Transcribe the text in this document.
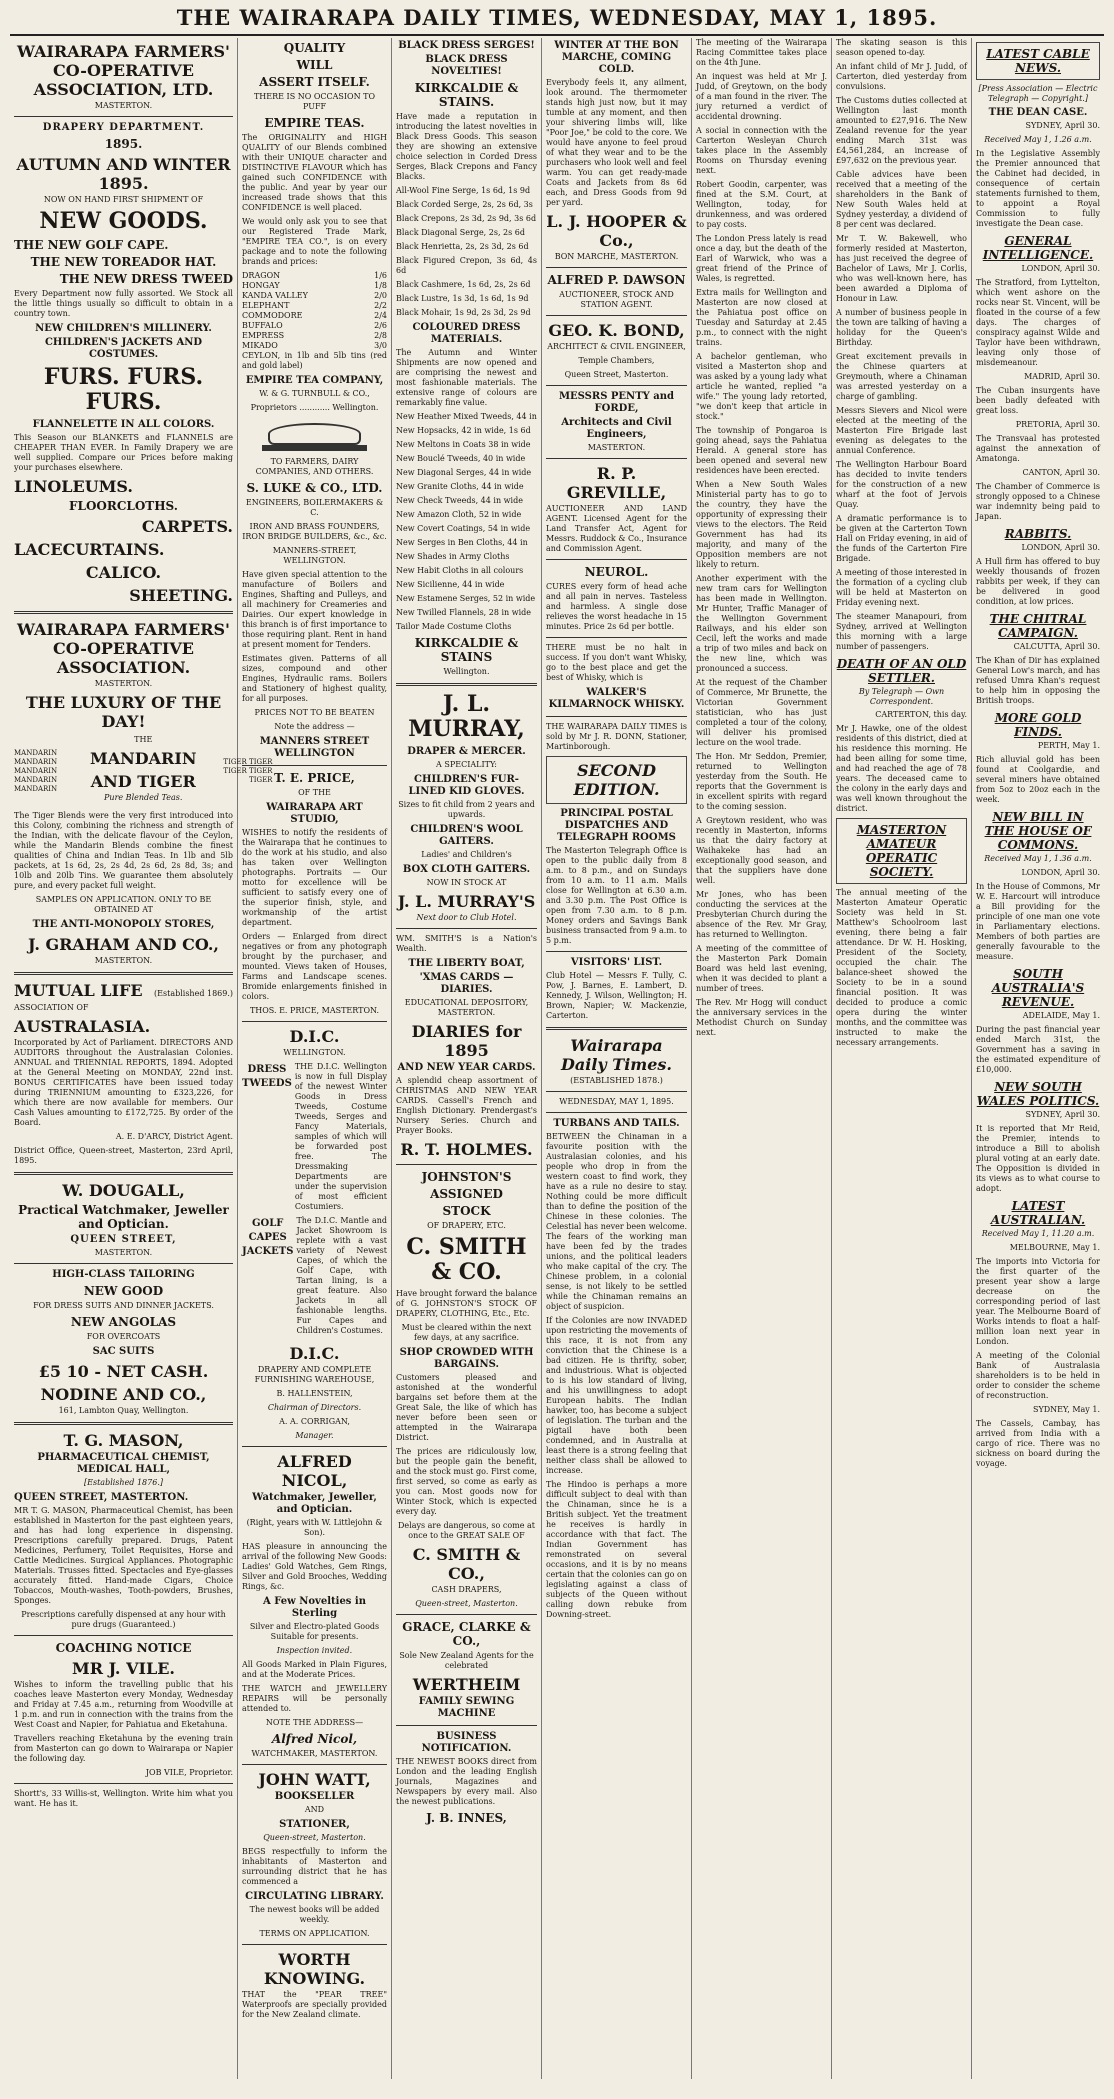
THE WAIRARAPA DAILY TIMES, WEDNESDAY, MAY 1, 1895.
WAIRARAPA FARMERS' CO-OPERATIVE ASSOCIATION, LTD.
MASTERTON.
DRAPERY DEPARTMENT.
1895.
AUTUMN AND WINTER 1895.
NOW ON HAND FIRST SHIPMENT OF
NEW GOODS.
THE NEW GOLF CAPE.
THE NEW TOREADOR HAT.
THE NEW DRESS TWEED
Every Department now fully assorted. We Stock all the little things usually so difficult to obtain in a country town.
NEW CHILDREN'S MILLINERY.
CHILDREN'S JACKETS AND COSTUMES.
FURS. FURS. FURS.
FLANNELETTE IN ALL COLORS.
This Season our BLANKETS and FLANNELS are CHEAPER THAN EVER. In Family Drapery we are well supplied. Compare our Prices before making your purchases elsewhere.
LINOLEUMS.
FLOORCLOTHS.
CARPETS.
LACECURTAINS.
CALICO.
SHEETING.
WAIRARAPA FARMERS' CO-OPERATIVE ASSOCIATION.
MASTERTON.
THE LUXURY OF THE DAY!
MANDARIN MANDARIN MANDARIN MANDARIN MANDARIN
THE
MANDARIN
AND TIGER
Pure Blended Teas.
TIGER TIGER TIGER TIGER TIGER
The Tiger Blends were the very first introduced into this Colony, combining the richness and strength of the Indian, with the delicate flavour of the Ceylon, while the Mandarin Blends combine the finest qualities of China and Indian Teas. In 1lb and 5lb packets, at 1s 6d, 2s, 2s 4d, 2s 6d, 2s 8d, 3s; and 10lb and 20lb Tins. We guarantee them absolutely pure, and every packet full weight.
SAMPLES ON APPLICATION. ONLY TO BE OBTAINED AT
THE ANTI-MONOPOLY STORES,
J. GRAHAM AND CO.,
MASTERTON.
MUTUAL LIFE (Established 1869.)
ASSOCIATION OF
AUSTRALASIA.
Incorporated by Act of Parliament. DIRECTORS AND AUDITORS throughout the Australasian Colonies. ANNUAL and TRIENNIAL REPORTS, 1894. Adopted at the General Meeting on MONDAY, 22nd inst. BONUS CERTIFICATES have been issued today during TRIENNIUM amounting to £323,226, for which there are now available for members. Our Cash Values amounting to £172,725. By order of the Board.
A. E. D'ARCY, District Agent.
District Office, Queen-street, Masterton, 23rd April, 1895.
W. DOUGALL,
Practical Watchmaker, Jeweller and Optician.
QUEEN STREET,
MASTERTON.
HIGH-CLASS TAILORING
NEW GOOD
FOR DRESS SUITS AND DINNER JACKETS.
NEW ANGOLAS
FOR OVERCOATS
SAC SUITS
£5 10 - NET CASH.
NODINE AND CO.,
161, Lambton Quay, Wellington.
T. G. MASON,
PHARMACEUTICAL CHEMIST, MEDICAL HALL,
[Established 1876.]
QUEEN STREET, MASTERTON.
MR T. G. MASON, Pharmaceutical Chemist, has been established in Masterton for the past eighteen years, and has had long experience in dispensing. Prescriptions carefully prepared. Drugs, Patent Medicines, Perfumery, Toilet Requisites, Horse and Cattle Medicines. Surgical Appliances. Photographic Materials. Trusses fitted. Spectacles and Eye-glasses accurately fitted. Hand-made Cigars, Choice Tobaccos, Mouth-washes, Tooth-powders, Brushes, Sponges.
Prescriptions carefully dispensed at any hour with pure drugs (Guaranteed.)
COACHING NOTICE
MR J. VILE.
Wishes to inform the travelling public that his coaches leave Masterton every Monday, Wednesday and Friday at 7.45 a.m., returning from Woodville at 1 p.m. and run in connection with the trains from the West Coast and Napier, for Pahiatua and Eketahuna.
Travellers reaching Eketahuna by the evening train from Masterton can go down to Wairarapa or Napier the following day.
JOB VILE, Proprietor.
Shortt's, 33 Willis-st, Wellington. Write him what you want. He has it.
QUALITY
WILL
ASSERT ITSELF.
THERE IS NO OCCASION TO PUFF
EMPIRE TEAS.
The ORIGINALITY and HIGH QUALITY of our Blends combined with their UNIQUE character and DISTINCTIVE FLAVOUR which has gained such CONFIDENCE with the public. And year by year our increased trade shows that this CONFIDENCE is well placed.
We would only ask you to see that our Registered Trade Mark, "EMPIRE TEA CO.", is on every package and to note the following brands and prices:
DRAGON	1/6
HONGAY	1/8
KANDA VALLEY	2/0
ELEPHANT	2/2
COMMODORE	2/4
BUFFALO	2/6
EMPRESS	2/8
MIKADO	3/0
CEYLON, in 1lb and 5lb tins (red and gold label)
EMPIRE TEA COMPANY,
W. & G. TURNBULL & CO.,
Proprietors ............ Wellington.
TO FARMERS, DAIRY COMPANIES, AND OTHERS.
S. LUKE & CO., LTD.
ENGINEERS, BOILERMAKERS & C.
IRON AND BRASS FOUNDERS, IRON BRIDGE BUILDERS, &c., &c.
MANNERS-STREET, WELLINGTON.
Have given special attention to the manufacture of Boilers and Engines, Shafting and Pulleys, and all machinery for Creameries and Dairies. Our expert knowledge in this branch is of first importance to those requiring plant. Rent in hand at present moment for Tenders.
Estimates given. Patterns of all sizes, compound and other Engines, Hydraulic rams. Boilers and Stationery of highest quality, for all purposes.
PRICES NOT TO BE BEATEN
Note the address —
MANNERS STREET WELLINGTON
T. E. PRICE,
OF THE
WAIRARAPA ART STUDIO,
WISHES to notify the residents of the Wairarapa that he continues to do the work at his studio, and also has taken over Wellington photographs. Portraits — Our motto for excellence will be sufficient to satisfy every one of the superior finish, style, and workmanship of the artist department.
Orders — Enlarged from direct negatives or from any photograph brought by the purchaser, and mounted. Views taken of Houses, Farms and Landscape scenes. Bromide enlargements finished in colors.
THOS. E. PRICE, MASTERTON.
D.I.C.
WELLINGTON.
DRESS
TWEEDS
THE D.I.C. Wellington is now in full Display of the newest Winter Goods in Dress Tweeds, Costume Tweeds, Serges and Fancy Materials, samples of which will be forwarded post free. The Dressmaking Departments are under the supervision of most efficient Costumiers.
GOLF
CAPES
JACKETS
The D.I.C. Mantle and Jacket Showroom is replete with a vast variety of Newest Capes, of which the Golf Cape, with Tartan lining, is a great feature. Also Jackets in all fashionable lengths. Fur Capes and Children's Costumes.
D.I.C.
DRAPERY AND COMPLETE FURNISHING WAREHOUSE,
B. HALLENSTEIN,
Chairman of Directors.
A. A. CORRIGAN,
Manager.
ALFRED NICOL,
Watchmaker, Jeweller, and Optician.
(Right, years with W. Littlejohn & Son).
HAS pleasure in announcing the arrival of the following New Goods: Ladies' Gold Watches, Gem Rings, Silver and Gold Brooches, Wedding Rings, &c.
A Few Novelties in Sterling
Silver and Electro-plated Goods Suitable for presents.
Inspection invited.
All Goods Marked in Plain Figures, and at the Moderate Prices.
THE WATCH and JEWELLERY REPAIRS will be personally attended to.
NOTE THE ADDRESS—
Alfred Nicol,
WATCHMAKER, MASTERTON.
JOHN WATT,
BOOKSELLER
AND
STATIONER,
Queen-street, Masterton.
BEGS respectfully to inform the inhabitants of Masterton and surrounding district that he has commenced a
CIRCULATING LIBRARY.
The newest books will be added weekly.
TERMS ON APPLICATION.
WORTH KNOWING.
THAT the "PEAR TREE" Waterproofs are specially provided for the New Zealand climate.
BLACK DRESS SERGES!
BLACK DRESS NOVELTIES!
KIRKCALDIE & STAINS.
Have made a reputation in introducing the latest novelties in Black Dress Goods. This season they are showing an extensive choice selection in Corded Dress Serges, Black Crepons and Fancy Blacks.
All-Wool Fine Serge, 1s 6d, 1s 9d
Black Corded Serge, 2s, 2s 6d, 3s
Black Crepons, 2s 3d, 2s 9d, 3s 6d
Black Diagonal Serge, 2s, 2s 6d
Black Henrietta, 2s, 2s 3d, 2s 6d
Black Figured Crepon, 3s 6d, 4s 6d
Black Cashmere, 1s 6d, 2s, 2s 6d
Black Lustre, 1s 3d, 1s 6d, 1s 9d
Black Mohair, 1s 9d, 2s 3d, 2s 9d
COLOURED DRESS MATERIALS.
The Autumn and Winter Shipments are now opened and are comprising the newest and most fashionable materials. The extensive range of colours are remarkably fine value.
New Heather Mixed Tweeds, 44 in
New Hopsacks, 42 in wide, 1s 6d
New Meltons in Coats 38 in wide
New Bouclé Tweeds, 40 in wide
New Diagonal Serges, 44 in wide
New Granite Cloths, 44 in wide
New Check Tweeds, 44 in wide
New Amazon Cloth, 52 in wide
New Covert Coatings, 54 in wide
New Serges in Ben Cloths, 44 in
New Shades in Army Cloths
New Habit Cloths in all colours
New Sicilienne, 44 in wide
New Estamene Serges, 52 in wide
New Twilled Flannels, 28 in wide
Tailor Made Costume Cloths
KIRKCALDIE & STAINS
Wellington.
J. L. MURRAY,
DRAPER & MERCER.
A SPECIALITY:
CHILDREN'S FUR-LINED KID GLOVES.
Sizes to fit child from 2 years and upwards.
CHILDREN'S WOOL GAITERS.
Ladies' and Children's
BOX CLOTH GAITERS.
NOW IN STOCK AT
J. L. MURRAY'S
Next door to Club Hotel.
WM. SMITH'S is a Nation's Wealth.
THE LIBERTY BOAT,
'XMAS CARDS — DIARIES.
EDUCATIONAL DEPOSITORY, MASTERTON.
DIARIES for 1895
AND NEW YEAR CARDS.
A splendid cheap assortment of CHRISTMAS AND NEW YEAR CARDS. Cassell's French and English Dictionary. Prendergast's Nursery Series. Church and Prayer Books.
R. T. HOLMES.
JOHNSTON'S
ASSIGNED
STOCK
OF DRAPERY, ETC.
C. SMITH & CO.
Have brought forward the balance of G. JOHNSTON'S STOCK OF DRAPERY, CLOTHING, Etc., Etc.
Must be cleared within the next few days, at any sacrifice.
SHOP CROWDED WITH BARGAINS.
Customers pleased and astonished at the wonderful bargains set before them at the Great Sale, the like of which has never before been seen or attempted in the Wairarapa District.
The prices are ridiculously low, but the people gain the benefit, and the stock must go. First come, first served, so come as early as you can. Most goods now for Winter Stock, which is expected every day.
Delays are dangerous, so come at once to the GREAT SALE OF
C. SMITH & CO.,
CASH DRAPERS,
Queen-street, Masterton.
GRACE, CLARKE & CO.,
Sole New Zealand Agents for the celebrated
WERTHEIM
FAMILY SEWING MACHINE
BUSINESS NOTIFICATION.
THE NEWEST BOOKS direct from London and the leading English Journals, Magazines and Newspapers by every mail. Also the newest publications.
J. B. INNES,
WINTER AT THE BON MARCHE, COMING COLD.
Everybody feels it, any ailment, look around. The thermometer stands high just now, but it may tumble at any moment, and then your shivering limbs will, like "Poor Joe," be cold to the core. We would have anyone to feel proud of what they wear and to be the purchasers who look well and feel warm. You can get ready-made Coats and Jackets from 8s 6d each, and Dress Goods from 9d per yard.
L. J. HOOPER & Co.,
BON MARCHE, MASTERTON.
ALFRED P. DAWSON
AUCTIONEER, STOCK AND STATION AGENT.
GEO. K. BOND,
ARCHITECT & CIVIL ENGINEER,
Temple Chambers,
Queen Street, Masterton.
MESSRS PENTY and FORDE,
Architects and Civil Engineers,
MASTERTON.
R. P. GREVILLE,
AUCTIONEER AND LAND AGENT. Licensed Agent for the Land Transfer Act, Agent for Messrs. Ruddock & Co., Insurance and Commission Agent.
NEUROL.
CURES every form of head ache and all pain in nerves. Tasteless and harmless. A single dose relieves the worst headache in 15 minutes. Price 2s 6d per bottle.
THERE must be no halt in success. If you don't want Whisky, go to the best place and get the best of Whisky, which is
WALKER'S KILMARNOCK WHISKY.
THE WAIRARAPA DAILY TIMES is sold by Mr J. R. DONN, Stationer, Martinborough.
SECOND EDITION.
PRINCIPAL POSTAL DISPATCHES AND TELEGRAPH ROOMS
The Masterton Telegraph Office is open to the public daily from 8 a.m. to 8 p.m., and on Sundays from 10 a.m. to 11 a.m. Mails close for Wellington at 6.30 a.m. and 3.30 p.m. The Post Office is open from 7.30 a.m. to 8 p.m. Money orders and Savings Bank business transacted from 9 a.m. to 5 p.m.
VISITORS' LIST.
Club Hotel — Messrs F. Tully, C. Pow, J. Barnes, E. Lambert, D. Kennedy, J. Wilson, Wellington; H. Brown, Napier; W. Mackenzie, Carterton.
Wairarapa Daily Times.
(ESTABLISHED 1878.)
WEDNESDAY, MAY 1, 1895.
TURBANS AND TAILS.
BETWEEN the Chinaman in a favourite position with the Australasian colonies, and his people who drop in from the western coast to find work, they have as a rule no desire to stay. Nothing could be more difficult than to define the position of the Chinese in these colonies. The Celestial has never been welcome. The fears of the working man have been fed by the trades unions, and the political leaders who make capital of the cry. The Chinese problem, in a colonial sense, is not likely to be settled while the Chinaman remains an object of suspicion.
If the Colonies are now INVADED upon restricting the movements of this race, it is not from any conviction that the Chinese is a bad citizen. He is thrifty, sober, and industrious. What is objected to is his low standard of living, and his unwillingness to adopt European habits. The Indian hawker, too, has become a subject of legislation. The turban and the pigtail have both been condemned, and in Australia at least there is a strong feeling that neither class shall be allowed to increase.
The Hindoo is perhaps a more difficult subject to deal with than the Chinaman, since he is a British subject. Yet the treatment he receives is hardly in accordance with that fact. The Indian Government has remonstrated on several occasions, and it is by no means certain that the colonies can go on legislating against a class of subjects of the Queen without calling down rebuke from Downing-street.
The meeting of the Wairarapa Racing Committee takes place on the 4th June.
An inquest was held at Mr J. Judd, of Greytown, on the body of a man found in the river. The jury returned a verdict of accidental drowning.
A social in connection with the Carterton Wesleyan Church takes place in the Assembly Rooms on Thursday evening next.
Robert Goodin, carpenter, was fined at the S.M. Court, at Wellington, today, for drunkenness, and was ordered to pay costs.
The London Press lately is read once a day, but the death of the Earl of Warwick, who was a great friend of the Prince of Wales, is regretted.
Extra mails for Wellington and Masterton are now closed at the Pahiatua post office on Tuesday and Saturday at 2.45 p.m., to connect with the night trains.
A bachelor gentleman, who visited a Masterton shop and was asked by a young lady what article he wanted, replied "a wife." The young lady retorted, "we don't keep that article in stock."
The township of Pongaroa is going ahead, says the Pahiatua Herald. A general store has been opened and several new residences have been erected.
When a New South Wales Ministerial party has to go to the country, they have the opportunity of expressing their views to the electors. The Reid Government has had its majority, and many of the Opposition members are not likely to return.
Another experiment with the new tram cars for Wellington has been made in Wellington. Mr Hunter, Traffic Manager of the Wellington Government Railways, and his elder son Cecil, left the works and made a trip of two miles and back on the new line, which was pronounced a success.
At the request of the Chamber of Commerce, Mr Brunette, the Victorian Government statistician, who has just completed a tour of the colony, will deliver his promised lecture on the wool trade.
The Hon. Mr Seddon, Premier, returned to Wellington yesterday from the South. He reports that the Government is in excellent spirits with regard to the coming session.
A Greytown resident, who was recently in Masterton, informs us that the dairy factory at Waihakeke has had an exceptionally good season, and that the suppliers have done well.
Mr Jones, who has been conducting the services at the Presbyterian Church during the absence of the Rev. Mr Gray, has returned to Wellington.
A meeting of the committee of the Masterton Park Domain Board was held last evening, when it was decided to plant a number of trees.
The Rev. Mr Hogg will conduct the anniversary services in the Methodist Church on Sunday next.
The skating season is this season opened to-day.
An infant child of Mr J. Judd, of Carterton, died yesterday from convulsions.
The Customs duties collected at Wellington last month amounted to £27,916. The New Zealand revenue for the year ending March 31st was £4,561,284, an increase of £97,632 on the previous year.
Cable advices have been received that a meeting of the shareholders in the Bank of New South Wales held at Sydney yesterday, a dividend of 8 per cent was declared.
Mr T. W. Bakewell, who formerly resided at Masterton, has just received the degree of Bachelor of Laws, Mr J. Corlis, who was well-known here, has been awarded a Diploma of Honour in Law.
A number of business people in the town are talking of having a holiday for the Queen's Birthday.
Great excitement prevails in the Chinese quarters at Greymouth, where a Chinaman was arrested yesterday on a charge of gambling.
Messrs Sievers and Nicol were elected at the meeting of the Masterton Fire Brigade last evening as delegates to the annual Conference.
The Wellington Harbour Board has decided to invite tenders for the construction of a new wharf at the foot of Jervois Quay.
A dramatic performance is to be given at the Carterton Town Hall on Friday evening, in aid of the funds of the Carterton Fire Brigade.
A meeting of those interested in the formation of a cycling club will be held at Masterton on Friday evening next.
The steamer Manapouri, from Sydney, arrived at Wellington this morning with a large number of passengers.
DEATH OF AN OLD SETTLER.
By Telegraph — Own Correspondent.
CARTERTON, this day.
Mr J. Hawke, one of the oldest residents of this district, died at his residence this morning. He had been ailing for some time, and had reached the age of 78 years. The deceased came to the colony in the early days and was well known throughout the district.
MASTERTON AMATEUR OPERATIC SOCIETY.
The annual meeting of the Masterton Amateur Operatic Society was held in St. Matthew's Schoolroom last evening, there being a fair attendance. Dr W. H. Hosking, President of the Society, occupied the chair. The balance-sheet showed the Society to be in a sound financial position. It was decided to produce a comic opera during the winter months, and the committee was instructed to make the necessary arrangements.
LATEST CABLE NEWS.
[Press Association — Electric Telegraph — Copyright.]
THE DEAN CASE.
SYDNEY, April 30.
Received May 1, 1.26 a.m.
In the Legislative Assembly the Premier announced that the Cabinet had decided, in consequence of certain statements furnished to them, to appoint a Royal Commission to fully investigate the Dean case.
GENERAL INTELLIGENCE.
LONDON, April 30.
The Stratford, from Lyttelton, which went ashore on the rocks near St. Vincent, will be floated in the course of a few days. The charges of conspiracy against Wilde and Taylor have been withdrawn, leaving only those of misdemeanour.
MADRID, April 30.
The Cuban insurgents have been badly defeated with great loss.
PRETORIA, April 30.
The Transvaal has protested against the annexation of Amatonga.
CANTON, April 30.
The Chamber of Commerce is strongly opposed to a Chinese war indemnity being paid to Japan.
RABBITS.
LONDON, April 30.
A Hull firm has offered to buy weekly thousands of frozen rabbits per week, if they can be delivered in good condition, at low prices.
THE CHITRAL CAMPAIGN.
CALCUTTA, April 30.
The Khan of Dir has explained General Low's march, and has refused Umra Khan's request to help him in opposing the British troops.
MORE GOLD FINDS.
PERTH, May 1.
Rich alluvial gold has been found at Coolgardie, and several miners have obtained from 5oz to 20oz each in the week.
NEW BILL IN THE HOUSE OF COMMONS.
Received May 1, 1.36 a.m.
LONDON, April 30.
In the House of Commons, Mr W. E. Harcourt will introduce a Bill providing for the principle of one man one vote in Parliamentary elections. Members of both parties are generally favourable to the measure.
SOUTH AUSTRALIA'S REVENUE.
ADELAIDE, May 1.
During the past financial year ended March 31st, the Government has a saving in the estimated expenditure of £10,000.
NEW SOUTH WALES POLITICS.
SYDNEY, April 30.
It is reported that Mr Reid, the Premier, intends to introduce a Bill to abolish plural voting at an early date. The Opposition is divided in its views as to what course to adopt.
LATEST AUSTRALIAN.
Received May 1, 11.20 a.m.
MELBOURNE, May 1.
The imports into Victoria for the first quarter of the present year show a large decrease on the corresponding period of last year. The Melbourne Board of Works intends to float a half-million loan next year in London.
A meeting of the Colonial Bank of Australasia shareholders is to be held in order to consider the scheme of reconstruction.
SYDNEY, May 1.
The Cassels, Cambay, has arrived from India with a cargo of rice. There was no sickness on board during the voyage.
